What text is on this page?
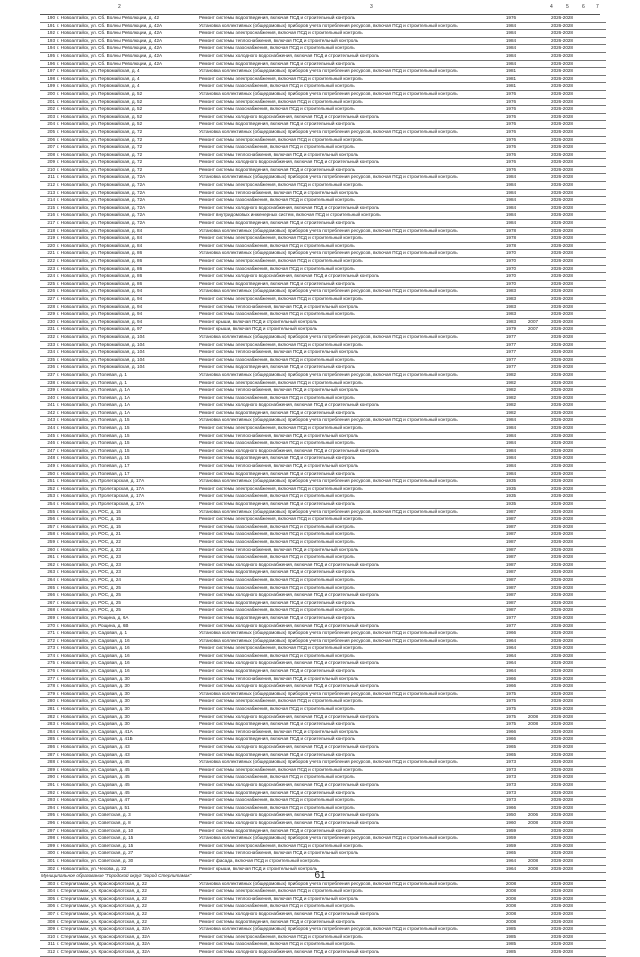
2	3	4	5	6 7
190	г. Новоалтайск, ул. Сб. Волны Революции, д. 42	Ремонт системы водоотведения, включая ПСД и строительный контроль	1976		2026-2028	
191	г. Новоалтайск, ул. Сб. Волны Революции, д. 42А	Установка коллективных (общедомовых) приборов учета потребления ресурсов, включая ПСД и строительный контроль	1984		2026-2028	
192	г. Новоалтайск, ул. Сб. Волны Революции, д. 42А	Ремонт системы электроснабжения, включая ПСД и строительный контроль	1984		2026-2028	
193	г. Новоалтайск, ул. Сб. Волны Революции, д. 42А	Ремонт системы теплоснабжения, включая ПСД и строительный контроль	1984		2026-2028	
194	г. Новоалтайск, ул. Сб. Волны Революции, д. 42А	Ремонт системы газоснабжения, включая ПСД и строительный контроль	1984		2026-2028	
195	г. Новоалтайск, ул. Сб. Волны Революции, д. 42А	Ремонт системы холодного водоснабжения, включая ПСД и строительный контроль	1984		2026-2028	
196	г. Новоалтайск, ул. Сб. Волны Революции, д. 42А	Ремонт системы водоотведения, включая ПСД и строительный контроль	1984		2026-2028	
197	г. Новоалтайск, ул. Первомайская, д. 4	Установка коллективных (общедомовых) приборов учета потребления ресурсов, включая ПСД и строительный контроль	1981		2026-2028	
198	г. Новоалтайск, ул. Первомайская, д. 4	Ремонт системы электроснабжения, включая ПСД и строительный контроль	1981		2026-2028	
199	г. Новоалтайск, ул. Первомайская, д. 4	Ремонт системы газоснабжения, включая ПСД и строительный контроль	1981		2026-2028	
200	г. Новоалтайск, ул. Первомайская, д. 52	Установка коллективных (общедомовых) приборов учета потребления ресурсов, включая ПСД и строительный контроль	1976		2026-2028	
201	г. Новоалтайск, ул. Первомайская, д. 52	Ремонт системы электроснабжения, включая ПСД и строительный контроль	1976		2026-2028	
202	г. Новоалтайск, ул. Первомайская, д. 52	Ремонт системы газоснабжения, включая ПСД и строительный контроль	1976		2026-2028	
203	г. Новоалтайск, ул. Первомайская, д. 52	Ремонт системы холодного водоснабжения, включая ПСД и строительный контроль	1976		2026-2028	
204	г. Новоалтайск, ул. Первомайская, д. 52	Ремонт системы водоотведения, включая ПСД и строительный контроль	1976		2026-2028	
205	г. Новоалтайск, ул. Первомайская, д. 72	Установка коллективных (общедомовых) приборов учета потребления ресурсов, включая ПСД и строительный контроль	1976		2026-2028	
206	г. Новоалтайск, ул. Первомайская, д. 72	Ремонт системы электроснабжения, включая ПСД и строительный контроль	1976		2026-2028	
207	г. Новоалтайск, ул. Первомайская, д. 72	Ремонт системы газоснабжения, включая ПСД и строительный контроль	1976		2026-2028	
208	г. Новоалтайск, ул. Первомайская, д. 72	Ремонт системы теплоснабжения, включая ПСД и строительный контроль	1976		2026-2028	
209	г. Новоалтайск, ул. Первомайская, д. 72	Ремонт системы холодного водоснабжения, включая ПСД и строительный контроль	1976		2026-2028	
210	г. Новоалтайск, ул. Первомайская, д. 72	Ремонт системы водоотведения, включая ПСД и строительный контроль	1976		2026-2028	
211	г. Новоалтайск, ул. Первомайская, д. 72А	Установка коллективных (общедомовых) приборов учета потребления ресурсов, включая ПСД и строительный контроль	1984		2026-2028	
212	г. Новоалтайск, ул. Первомайская, д. 72А	Ремонт системы электроснабжения, включая ПСД и строительный контроль	1984		2026-2028	
213	г. Новоалтайск, ул. Первомайская, д. 72А	Ремонт системы теплоснабжения, включая ПСД и строительный контроль	1984		2026-2028	
214	г. Новоалтайск, ул. Первомайская, д. 72А	Ремонт системы газоснабжения, включая ПСД и строительный контроль	1984		2026-2028	
215	г. Новоалтайск, ул. Первомайская, д. 72А	Ремонт системы холодного водоснабжения, включая ПСД и строительный контроль	1984		2026-2028	
216	г. Новоалтайск, ул. Первомайская, д. 72А	Ремонт внутридомовых инженерных систем, включая ПСД и строительный контроль	1984		2026-2028	
217	г. Новоалтайск, ул. Первомайская, д. 72А	Ремонт системы водоотведения, включая ПСД и строительный контроль	1984		2026-2028	
218	г. Новоалтайск, ул. Первомайская, д. 84	Установка коллективных (общедомовых) приборов учета потребления ресурсов, включая ПСД и строительный контроль	1978		2026-2028	
219	г. Новоалтайск, ул. Первомайская, д. 84	Ремонт системы электроснабжения, включая ПСД и строительный контроль	1978		2026-2028	
220	г. Новоалтайск, ул. Первомайская, д. 84	Ремонт системы газоснабжения, включая ПСД и строительный контроль	1978		2026-2028	
221	г. Новоалтайск, ул. Первомайская, д. 86	Установка коллективных (общедомовых) приборов учета потребления ресурсов, включая ПСД и строительный контроль	1970		2026-2028	
222	г. Новоалтайск, ул. Первомайская, д. 86	Ремонт системы электроснабжения, включая ПСД и строительный контроль	1970		2026-2028	
223	г. Новоалтайск, ул. Первомайская, д. 86	Ремонт системы газоснабжения, включая ПСД и строительный контроль	1970		2026-2028	
224	г. Новоалтайск, ул. Первомайская, д. 86	Ремонт системы холодного водоснабжения, включая ПСД и строительный контроль	1970		2026-2028	
225	г. Новоалтайск, ул. Первомайская, д. 86	Ремонт системы водоотведения, включая ПСД и строительный контроль	1970		2026-2028	
226	г. Новоалтайск, ул. Первомайская, д. 94	Установка коллективных (общедомовых) приборов учета потребления ресурсов, включая ПСД и строительный контроль	1983		2026-2028	
227	г. Новоалтайск, ул. Первомайская, д. 94	Ремонт системы электроснабжения, включая ПСД и строительный контроль	1983		2026-2028	
228	г. Новоалтайск, ул. Первомайская, д. 94	Ремонт системы теплоснабжения, включая ПСД и строительный контроль	1983		2026-2028	
229	г. Новоалтайск, ул. Первомайская, д. 94	Ремонт системы газоснабжения, включая ПСД и строительный контроль	1983		2026-2028	
230	г. Новоалтайск, ул. Первомайская, д. 94	Ремонт крыши, включая ПСД и строительный контроль	1983	2007	2026-2028	
231	г. Новоалтайск, ул. Первомайская, д. 97	Ремонт крыши, включая ПСД и строительный контроль	1979	2007	2026-2028	
232	г. Новоалтайск, ул. Первомайская, д. 104	Установка коллективных (общедомовых) приборов учета потребления ресурсов, включая ПСД и строительный контроль	1977		2026-2028	
233	г. Новоалтайск, ул. Первомайская, д. 104	Ремонт системы электроснабжения, включая ПСД и строительный контроль	1977		2026-2028	
234	г. Новоалтайск, ул. Первомайская, д. 104	Ремонт системы теплоснабжения, включая ПСД и строительный контроль	1977		2026-2028	
235	г. Новоалтайск, ул. Первомайская, д. 104	Ремонт системы газоснабжения, включая ПСД и строительный контроль	1977		2026-2028	
236	г. Новоалтайск, ул. Первомайская, д. 104	Ремонт системы водоотведения, включая ПСД и строительный контроль	1977		2026-2028	
237	г. Новоалтайск, ул. Полевая, д. 1	Установка коллективных (общедомовых) приборов учета потребления ресурсов, включая ПСД и строительный контроль	1982		2026-2028	
238	г. Новоалтайск, ул. Полевая, д. 1	Ремонт системы электроснабжения, включая ПСД и строительный контроль	1982		2026-2028	
239	г. Новоалтайск, ул. Полевая, д. 1А	Ремонт системы теплоснабжения, включая ПСД и строительный контроль	1982		2026-2028	
240	г. Новоалтайск, ул. Полевая, д. 1А	Ремонт системы газоснабжения, включая ПСД и строительный контроль	1982		2026-2028	
241	г. Новоалтайск, ул. Полевая, д. 1А	Ремонт системы холодного водоснабжения, включая ПСД и строительный контроль	1982		2026-2028	
242	г. Новоалтайск, ул. Полевая, д. 1А	Ремонт системы водоотведения, включая ПСД и строительный контроль	1982		2026-2028	
243	г. Новоалтайск, ул. Полевая, д. 15	Установка коллективных (общедомовых) приборов учета потребления ресурсов, включая ПСД и строительный контроль	1984		2026-2028	
244	г. Новоалтайск, ул. Полевая, д. 15	Ремонт системы электроснабжения, включая ПСД и строительный контроль	1984		2026-2028	
245	г. Новоалтайск, ул. Полевая, д. 15	Ремонт системы теплоснабжения, включая ПСД и строительный контроль	1984		2026-2028	
246	г. Новоалтайск, ул. Полевая, д. 15	Ремонт системы газоснабжения, включая ПСД и строительный контроль	1984		2026-2028	
247	г. Новоалтайск, ул. Полевая, д. 15	Ремонт системы холодного водоснабжения, включая ПСД и строительный контроль	1984		2026-2028	
248	г. Новоалтайск, ул. Полевая, д. 15	Ремонт системы водоотведения, включая ПСД и строительный контроль	1984		2026-2028	
249	г. Новоалтайск, ул. Полевая, д. 17	Ремонт системы теплоснабжения, включая ПСД и строительный контроль	1984		2026-2028	
250	г. Новоалтайск, ул. Полевая, д. 17	Ремонт системы водоотведения, включая ПСД и строительный контроль	1984		2026-2028	
251	г. Новоалтайск, ул. Пролетарская, д. 17А	Установка коллективных (общедомовых) приборов учета потребления ресурсов, включая ПСД и строительный контроль	1935		2026-2028	
252	г. Новоалтайск, ул. Пролетарская, д. 17А	Ремонт системы электроснабжения, включая ПСД и строительный контроль	1935		2026-2028	
253	г. Новоалтайск, ул. Пролетарская, д. 17А	Ремонт системы газоснабжения, включая ПСД и строительный контроль	1935		2026-2028	
254	г. Новоалтайск, ул. Пролетарская, д. 17А	Ремонт системы водоотведения, включая ПСД и строительный контроль	1935		2026-2028	
255	г. Новоалтайск, ул. РОС, д. 15	Установка коллективных (общедомовых) приборов учета потребления ресурсов, включая ПСД и строительный контроль	1987		2026-2028	
256	г. Новоалтайск, ул. РОС, д. 15	Ремонт системы электроснабжения, включая ПСД и строительный контроль	1987		2026-2028	
257	г. Новоалтайск, ул. РОС, д. 15	Ремонт системы газоснабжения, включая ПСД и строительный контроль	1987		2026-2028	
258	г. Новоалтайск, ул. РОС, д. 21	Ремонт системы газоснабжения, включая ПСД и строительный контроль	1987		2026-2028	
259	г. Новоалтайск, ул. РОС, д. 22	Ремонт системы газоснабжения, включая ПСД и строительный контроль	1987		2026-2028	
260	г. Новоалтайск, ул. РОС, д. 23	Ремонт системы теплоснабжения, включая ПСД и строительный контроль	1987		2026-2028	
261	г. Новоалтайск, ул. РОС, д. 23	Ремонт системы газоснабжения, включая ПСД и строительный контроль	1987		2026-2028	
262	г. Новоалтайск, ул. РОС, д. 23	Ремонт системы холодного водоснабжения, включая ПСД и строительный контроль	1987		2026-2028	
263	г. Новоалтайск, ул. РОС, д. 23	Ремонт системы водоотведения, включая ПСД и строительный контроль	1987		2026-2028	
264	г. Новоалтайск, ул. РОС, д. 24	Ремонт системы газоснабжения, включая ПСД и строительный контроль	1987		2026-2028	
265	г. Новоалтайск, ул. РОС, д. 25	Ремонт системы газоснабжения, включая ПСД и строительный контроль	1987		2026-2028	
266	г. Новоалтайск, ул. РОС, д. 25	Ремонт системы холодного водоснабжения, включая ПСД и строительный контроль	1987		2026-2028	
267	г. Новоалтайск, ул. РОС, д. 25	Ремонт системы водоотведения, включая ПСД и строительный контроль	1987		2026-2028	
268	г. Новоалтайск, ул. РОС, д. 25	Ремонт системы газоснабжения, включая ПСД и строительный контроль	1987		2026-2028	
269	г. Новоалтайск, ул. Рощина, д. 6А	Ремонт системы водоотведения, включая ПСД и строительный контроль	1977		2026-2028	
270	г. Новоалтайск, ул. Рощина, д. 6В	Ремонт системы холодного водоснабжения, включая ПСД и строительный контроль	1977		2026-2028	
271	г. Новоалтайск, ул. Садовая, д. 1	Установка коллективных (общедомовых) приборов учета потребления ресурсов, включая ПСД и строительный контроль	1966		2026-2028	
272	г. Новоалтайск, ул. Садовая, д. 16	Установка коллективных (общедомовых) приборов учета потребления ресурсов, включая ПСД и строительный контроль	1964		2026-2028	
273	г. Новоалтайск, ул. Садовая, д. 16	Ремонт системы электроснабжения, включая ПСД и строительный контроль	1964		2026-2028	
274	г. Новоалтайск, ул. Садовая, д. 16	Ремонт системы газоснабжения, включая ПСД и строительный контроль	1964		2026-2028	
275	г. Новоалтайск, ул. Садовая, д. 16	Ремонт системы холодного водоснабжения, включая ПСД и строительный контроль	1964		2026-2028	
276	г. Новоалтайск, ул. Садовая, д. 16	Ремонт системы водоотведения, включая ПСД и строительный контроль	1964		2026-2028	
277	г. Новоалтайск, ул. Садовая, д. 30	Ремонт системы теплоснабжения, включая ПСД и строительный контроль	1966		2026-2028	
278	г. Новоалтайск, ул. Садовая, д. 30	Ремонт системы холодного водоснабжения, включая ПСД и строительный контроль	1966		2026-2028	
279	г. Новоалтайск, ул. Садовая, д. 30	Установка коллективных (общедомовых) приборов учета потребления ресурсов, включая ПСД и строительный контроль	1975		2026-2028	
280	г. Новоалтайск, ул. Садовая, д. 30	Ремонт системы электроснабжения, включая ПСД и строительный контроль	1975		2026-2028	
281	г. Новоалтайск, ул. Садовая, д. 30	Ремонт системы газоснабжения, включая ПСД и строительный контроль	1975		2026-2028	
282	г. Новоалтайск, ул. Садовая, д. 30	Ремонт системы холодного водоснабжения, включая ПСД и строительный контроль	1975	2008	2026-2028	
283	г. Новоалтайск, ул. Садовая, д. 30	Ремонт системы водоотведения, включая ПСД и строительный контроль	1975	2008	2026-2028	
284	г. Новоалтайск, ул. Садовая, д. 41А	Ремонт системы теплоснабжения, включая ПСД и строительный контроль	1966		2026-2028	
285	г. Новоалтайск, ул. Садовая, д. 41Б	Ремонт системы водоотведения, включая ПСД и строительный контроль	1966		2026-2028	
286	г. Новоалтайск, ул. Садовая, д. 43	Ремонт системы холодного водоснабжения, включая ПСД и строительный контроль	1965		2026-2028	
287	г. Новоалтайск, ул. Садовая, д. 43	Ремонт системы водоотведения, включая ПСД и строительный контроль	1965		2026-2028	
288	г. Новоалтайск, ул. Садовая, д. 45	Установка коллективных (общедомовых) приборов учета потребления ресурсов, включая ПСД и строительный контроль	1973		2026-2028	
289	г. Новоалтайск, ул. Садовая, д. 45	Ремонт системы электроснабжения, включая ПСД и строительный контроль	1973		2026-2028	
290	г. Новоалтайск, ул. Садовая, д. 45	Ремонт системы газоснабжения, включая ПСД и строительный контроль	1973		2026-2028	
291	г. Новоалтайск, ул. Садовая, д. 45	Ремонт системы холодного водоснабжения, включая ПСД и строительный контроль	1973		2026-2028	
292	г. Новоалтайск, ул. Садовая, д. 45	Ремонт системы водоотведения, включая ПСД и строительный контроль	1973		2026-2028	
293	г. Новоалтайск, ул. Садовая, д. 47	Ремонт системы газоснабжения, включая ПСД и строительный контроль	1973		2026-2028	
294	г. Новоалтайск, ул. Садовая, д. 51	Ремонт системы газоснабжения, включая ПСД и строительный контроль	1966		2026-2028	
295	г. Новоалтайск, ул. Советская, д. 3	Ремонт системы холодного водоснабжения, включая ПСД и строительный контроль	1950	2006	2026-2028	
296	г. Новоалтайск, ул. Советская, д. 8	Ремонт системы холодного водоснабжения, включая ПСД и строительный контроль	1960	2008	2026-2028	
297	г. Новоалтайск, ул. Советская, д. 10	Ремонт системы водоотведения, включая ПСД и строительный контроль	1959		2026-2028	
298	г. Новоалтайск, ул. Советская, д. 15	Установка коллективных (общедомовых) приборов учета потребления ресурсов, включая ПСД и строительный контроль	1959		2026-2028	
299	г. Новоалтайск, ул. Советская, д. 15	Ремонт системы электроснабжения, включая ПСД и строительный контроль	1959		2026-2028	
300	г. Новоалтайск, ул. Советская, д. 27	Ремонт системы теплоснабжения, включая ПСД и строительный контроль	1965		2026-2028	
301	г. Новоалтайск, ул. Советская, д. 30	Ремонт фасада, включая ПСД и строительный контроль	1964	2008	2026-2028	
302	г. Новоалтайск, ул. Чехова, д. 22	Ремонт крыши, включая ПСД и строительный контроль	1964	2008	2026-2028	
Муниципальное образование "Городской округ "город Стерлитамак"						
303	г. Стерлитамак, ул. Краснофлотская, д. 22	Установка коллективных (общедомовых) приборов учета потребления ресурсов, включая ПСД и строительный контроль	2008		2026-2028	
304	г. Стерлитамак, ул. Краснофлотская, д. 22	Ремонт системы электроснабжения, включая ПСД и строительный контроль	2008		2026-2028	
305	г. Стерлитамак, ул. Краснофлотская, д. 22	Ремонт системы теплоснабжения, включая ПСД и строительный контроль	2008		2026-2028	
306	г. Стерлитамак, ул. Краснофлотская, д. 22	Ремонт системы газоснабжения, включая ПСД и строительный контроль	2008		2026-2028	
307	г. Стерлитамак, ул. Краснофлотская, д. 22	Ремонт системы холодного водоснабжения, включая ПСД и строительный контроль	2008		2026-2028	
308	г. Стерлитамак, ул. Краснофлотская, д. 22	Ремонт системы водоотведения, включая ПСД и строительный контроль	2008		2026-2028	
309	г. Стерлитамак, ул. Краснофлотская, д. 32А	Установка коллективных (общедомовых) приборов учета потребления ресурсов, включая ПСД и строительный контроль	1985		2026-2028	
310	г. Стерлитамак, ул. Краснофлотская, д. 32А	Ремонт системы электроснабжения, включая ПСД и строительный контроль	1985		2026-2028	
311	г. Стерлитамак, ул. Краснофлотская, д. 32А	Ремонт системы газоснабжения, включая ПСД и строительный контроль	1985		2026-2028	
312	г. Стерлитамак, ул. Краснофлотская, д. 32А	Ремонт системы холодного водоснабжения, включая ПСД и строительный контроль	1985		2026-2028	
61
